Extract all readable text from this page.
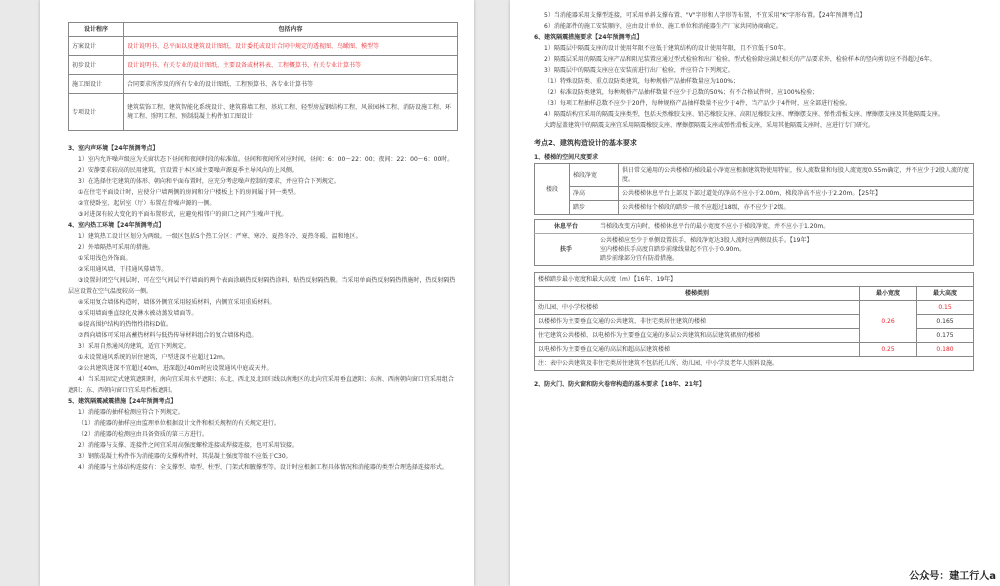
设计程序	包括内容
方案设计	设计说明书、总平面以及建筑设计图纸，设计委托或设计合同中规定的透视图、鸟瞰图、模型等
初步设计	设计说明书、有关专业的设计图纸、主要设备或材料表、工程概算书、有关专业计算书等
施工图设计	合同要求所涉及的所有专业的设计图纸、工程预算书、各专业计算书等
专项设计	建筑装饰工程、建筑智能化系统设计、建筑幕墙工程、基坑工程、轻型房屋钢结构工程、风景园林工程、消防设施工程、环境工程、照明工程、预制混凝土构件加工图设计

3、室内声环境【24年预测考点】

1）室内允许噪声级应为关窗状态下昼间和夜间时段的标准值。昼间和夜间所对应时间，昼间：6：00～22：00；夜间：22：00～6：00时。

2）安静要求较高的民用建筑，宜设置于本区域主要噪声源夏季主导风向的上风侧。

3）在选择住宅建筑的体形、朝向和平面布置时，应充分考虑噪声控制的要求，并应符合下列规定。

①在住宅平面设计时，应使分户墙两侧的房间和分户楼板上下的房间属于同一类型。

②宜使卧室、起居室（厅）布置在背噪声源的一侧。

③对进深有较大变化的平面布置形式，应避免相邻户的窗口之间产生噪声干扰。

4、室内热工环境【24年预测考点】

1）建筑热工设计区划分为两级。一级区包括5个热工分区：严寒、寒冷、夏热冬冷、夏热冬暖、温和地区。

2）外墙隔热可采用的措施。

①采用浅色外饰面。

②采用通风墙、干挂通风幕墙等。

③设置封闭空气间层时，可在空气间层平行墙面的两个表面涂刷热反射隔热涂料、贴热反射隔热膜。当采用单面热反射隔热措施时，热反射隔热层应设置在空气温度较高一侧。

④采用复合墙体构造时，墙体外侧宜采用轻质材料，内侧宜采用重质材料。

⑤采用墙面垂直绿化及淋水被动蒸发墙面等。

⑥提高围护结构的热惰性指标D值。

⑦西向墙体可采用高蓄热材料与低热传导材料组合的复合墙体构造。

3）采用自然通风的建筑，适宜下列规定。

①未设置通风系统的居住建筑，户型进深不应超过12m。

②公共建筑进深不宜超过40m，进深超过40m时应设置通风中庭或天井。

4）当采用固定式建筑遮阳时，南向宜采用水平遮阳；东北、西北及北回归线以南地区的北向宜采用垂直遮阳；东南、西南朝向窗口宜采用组合遮阳；东、西朝向窗口宜采用挡板遮阳。

5、建筑隔震减震措施【24年预测考点】

1）消能器的抽样检测应符合下列规定。

（1）消能器的抽样应由监理单位根据设计文件和相关规程的有关规定进行。

（2）消能器的检测应由具备资质的第三方进行。

2）消能器与支撑、连接件之间宜采用高强度螺栓连接或焊接连接，也可采用铰接。

3）钢筋混凝土构件作为消能器的支撑构件时，其混凝土强度等级不应低于C30。

4）消能器与主体结构连接有：全支撑型、墙型、柱型、门架式和腋撑型等。设计时应根据工程具体情况和消能器的类型合理选择连接形式。

5）当消能器采用支撑型连接，可采用单斜支撑布置、"V"字形和人字形等布置，不宜采用"K"字形布置。【24年预测考点】

6）消能部件的施工安装顺序，应由设计单位、施工单位和消能器生产厂家共同协商确定。

6、建筑隔震措施要求【24年预测考点】

1）隔震层中隔震支座的设计使用年限不应低于建筑结构的设计使用年限，且不宜低于50年。

2）隔震层采用的隔震支座产品和阻尼装置应通过型式检验和出厂检验。型式检验除应满足相关的产品要求外，检验样本的竖向剪切应不得超过6年。

3）隔震层中的隔震支座应在安装前进行出厂检验，并应符合下列规定。

（1）特殊设防类、重点设防类建筑，每种规格产品抽样数量应为100%；

（2）标准设防类建筑，每种规格产品抽样数量不应少于总数的50%；有不合格试件时，应100%检验；

（3）每项工程抽样总数不应少于20件，每种规格产品抽样数量不应少于4件，当产品少于4件时，应全部进行检验。

4）隔震结构宜采用的隔震支座类型，包括天然橡胶支座、铅芯橡胶支座、高阻尼橡胶支座、摩擦摆支座、弹性滑板支座、摩擦摆支座及其他隔震支座。

大跨屋盖建筑中的隔震支座宜采用隔震橡胶支座、摩擦摆隔震支座或弹性滑板支座，采用其他隔震支座时，应进行专门研究。

考点2、建筑构造设计的基本要求

1、楼梯的空间尺度要求

楼段	梯段净宽	供日常交通用的公共楼梯的梯段最小净宽应根据建筑物使用特征，按人流数量和每股人流宽度0.55m确定，并不应少于2股人流的宽度。
	净高	公共楼梯休息平台上部及下部过道处的净高不应小于2.00m，梯段净高不应小于2.20m。【25年】
	踏步	公共楼梯每个梯段的踏步一般不应超过18级，亦不应少于2级。
休息平台	当梯段改变方向时，楼梯休息平台的最小宽度不应小于梯段净宽，并不应小于1.20m。
扶手	公共楼梯应至少于单侧设置扶手，梯段净宽达3股人流时应两侧设扶手。【19年】
室内楼梯扶手高度自踏步前缘线量起不宜小于0.90m。
踏步前缘部分宜有防滑措施。
楼梯踏步最小宽度和最大高度（m）【16年、19年】		
楼梯类别	最小宽度	最大高度
幼儿园、中小学校楼梯	0.26	0.15
以楼梯作为主要垂直交通的公共建筑、非住宅类居住建筑的楼梯		0.165
住宅建筑公共楼梯、以电梯作为主要垂直交通的多层公共建筑和高层建筑裙房的楼梯		0.175
以电梯作为主要垂直交通的高层和超高层建筑楼梯	0.25	0.180
注：表中公共建筑及非住宅类居住建筑不包括托儿所、幼儿园、中小学及老年人照料设施。		

2、防火门、防火窗和防火卷帘构造的基本要求【18年、21年】

公众号：建工行人a
